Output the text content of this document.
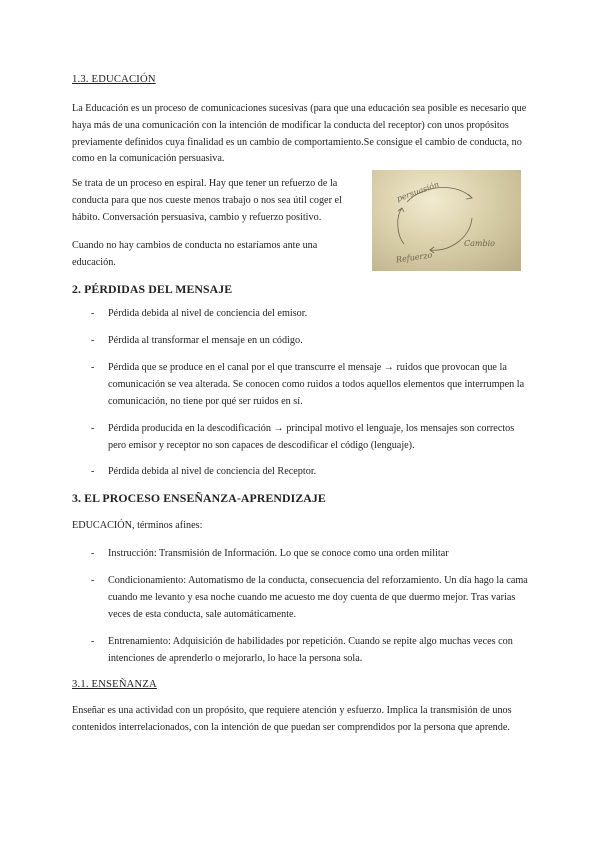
1.3. EDUCACIÓN

La Educación es un proceso de comunicaciones sucesivas (para que una educación sea posible es necesario que haya más de una comunicación con la intención de modificar la conducta del receptor) con unos propósitos previamente definidos cuya finalidad es un cambio de comportamiento.Se consigue el cambio de conducta, no como en la comunicación persuasiva.

Se trata de un proceso en espiral. Hay que tener un refuerzo de la conducta para que nos cueste menos trabajo o nos sea útil coger el hábito. Conversación persuasiva, cambio y refuerzo positivo.

Cuando no hay cambios de conducta no estaríamos ante una educación.

persuasión
Cambio
Refuerzo

2. PÉRDIDAS DEL MENSAJE

- Pérdida debida al nivel de conciencia del emisor.
- Pérdida al transformar el mensaje en un código.
- Pérdida que se produce en el canal por el que transcurre el mensaje → ruidos que provocan que la comunicación se vea alterada. Se conocen como ruidos a todos aquellos elementos que interrumpen la comunicación, no tiene por qué ser ruidos en sí.
- Pérdida producida en la descodificación → principal motivo el lenguaje, los mensajes son correctos pero emisor y receptor no son capaces de descodificar el código (lenguaje).
- Pérdida debida al nivel de conciencia del Receptor.

3. EL PROCESO ENSEÑANZA-APRENDIZAJE

EDUCACIÓN, términos afines:

- Instrucción: Transmisión de Información. Lo que se conoce como una orden militar
- Condicionamiento: Automatismo de la conducta, consecuencia del reforzamiento. Un día hago la cama cuando me levanto y esa noche cuando me acuesto me doy cuenta de que duermo mejor. Tras varias veces de esta conducta, sale automáticamente.
- Entrenamiento: Adquisición de habilidades por repetición. Cuando se repite algo muchas veces con intenciones de aprenderlo o mejorarlo, lo hace la persona sola.

3.1. ENSEÑANZA

Enseñar es una actividad con un propósito, que requiere atención y esfuerzo. Implica la transmisión de unos contenidos interrelacionados, con la intención de que puedan ser comprendidos por la persona que aprende.
